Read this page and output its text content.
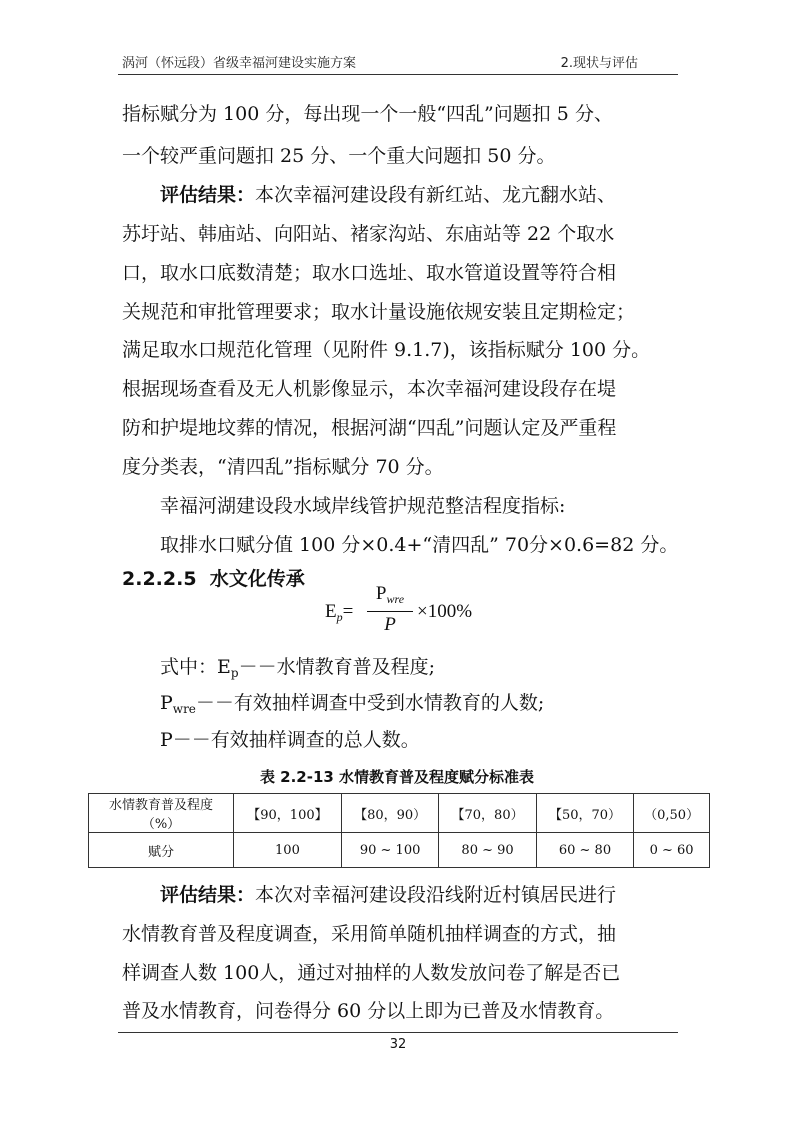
涡河（怀远段）省级幸福河建设实施方案	2.现状与评估
指标赋分为 100 分，每出现一个一般“四乱”问题扣 5 分、
一个较严重问题扣 25 分、一个重大问题扣 50 分。
评估结果：本次幸福河建设段有新红站、龙亢翻水站、
苏圩站、韩庙站、向阳站、褚家沟站、东庙站等 22 个取水
口，取水口底数清楚；取水口选址、取水管道设置等符合相
关规范和审批管理要求；取水计量设施依规安装且定期检定；
满足取水口规范化管理（见附件 9.1.7)，该指标赋分 100 分。
根据现场查看及无人机影像显示，本次幸福河建设段存在堤
防和护堤地坟葬的情况，根据河湖“四乱”问题认定及严重程
度分类表，“清四乱”指标赋分 70 分。
幸福河湖建设段水域岸线管护规范整洁程度指标:
取排水口赋分值 100 分×0.4+“清四乱” 70分×0.6=82 分。
2.2.2.5 水文化传承
$E_p=$
$P_{wre}$
P
×100%
式中：$E_p--$水情教育普及程度;
$P_{wre}--$有效抽样调查中受到水情教育的人数;
P－－有效抽样调查的总人数。
表 2.2-13 水情教育普及程度赋分标准表
水情教育普及程度
（%）	【90，100】	【80，90）	【70，80）	【50，70）	（0,50）
赋分	100	90 ~ 100	80 ~ 90	60 ~ 80	0 ~ 60
评估结果：本次对幸福河建设段沿线附近村镇居民进行
水情教育普及程度调查，采用简单随机抽样调查的方式，抽
样调查人数 100人，通过对抽样的人数发放问卷了解是否已
普及水情教育，问卷得分 60 分以上即为已普及水情教育。
32
